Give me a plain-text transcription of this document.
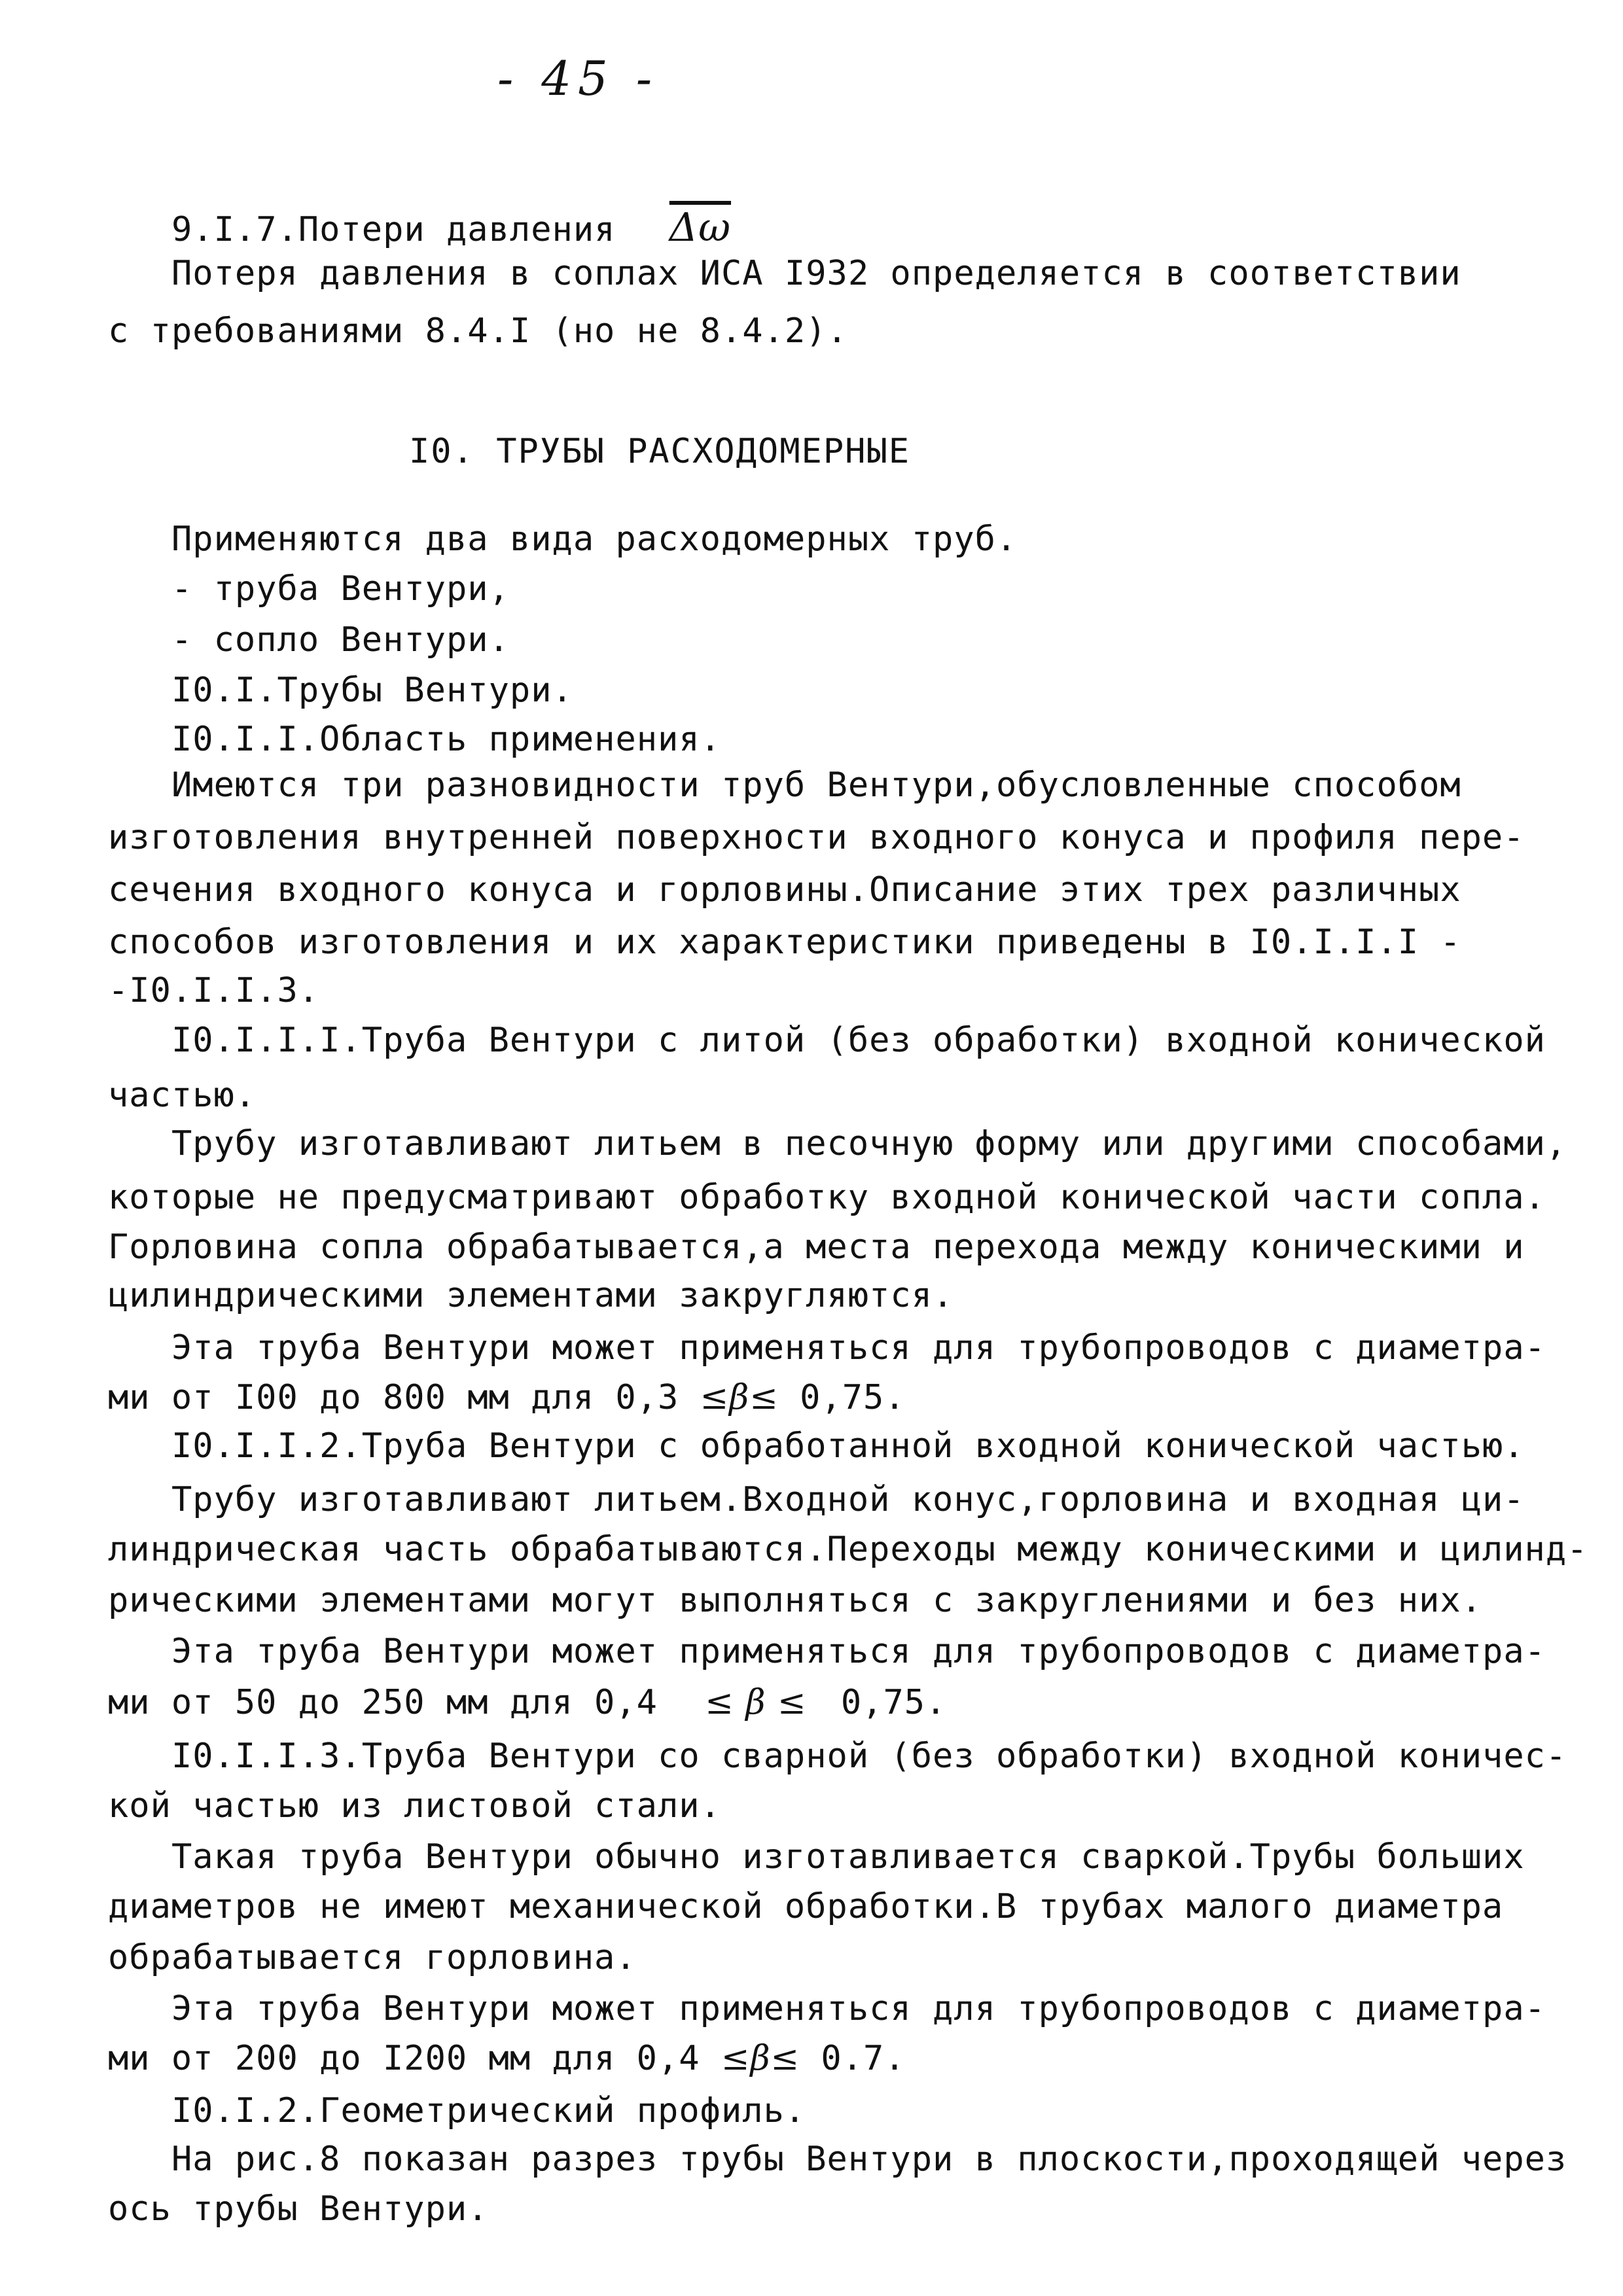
- 45 -
9.I.7.Потери давления $\overline{\Delta\omega}$
Потеря давления в соплах ИСА I932 определяется в соответствии
с требованиями 8.4.I (но не 8.4.2).
I0. ТРУБЫ РАСХОДОМЕРНЫЕ
Применяются два вида расходомерных труб.
- труба Вентури,
- сопло Вентури.
I0.I.Трубы Вентури.
I0.I.I.Область применения.
Имеются три разновидности труб Вентури,обусловленные способом
изготовления внутренней поверхности входного конуса и профиля пере-
сечения входного конуса и горловины.Описание этих трех различных
способов изготовления и их характеристики приведены в I0.I.I.I -
-I0.I.I.3.
I0.I.I.I.Труба Вентури с литой (без обработки) входной конической
частью.
Трубу изготавливают литьем в песочную форму или другими способами,
которые не предусматривают обработку входной конической части сопла.
Горловина сопла обрабатывается,а места перехода между коническими и
цилиндрическими элементами закругляются.
Эта труба Вентури может применяться для трубопроводов с диаметра-
ми от I00 до 800 мм для 0,3 ≤β≤ 0,75.
I0.I.I.2.Труба Вентури с обработанной входной конической частью.
Трубу изготавливают литьем.Входной конус,горловина и входная ци-
линдрическая часть обрабатываются.Переходы между коническими и цилинд-
рическими элементами могут выполняться с закруглениями и без них.
Эта труба Вентури может применяться для трубопроводов с диаметра-
ми от 50 до 250 мм для 0,4 ≤ β ≤ 0,75.
I0.I.I.3.Труба Вентури со сварной (без обработки) входной коничес-
кой частью из листовой стали.
Такая труба Вентури обычно изготавливается сваркой.Трубы больших
диаметров не имеют механической обработки.В трубах малого диаметра
обрабатывается горловина.
Эта труба Вентури может применяться для трубопроводов с диаметра-
ми от 200 до I200 мм для 0,4 ≤β≤ 0.7.
I0.I.2.Геометрический профиль.
На рис.8 показан разрез трубы Вентури в плоскости,проходящей через
ось трубы Вентури.
